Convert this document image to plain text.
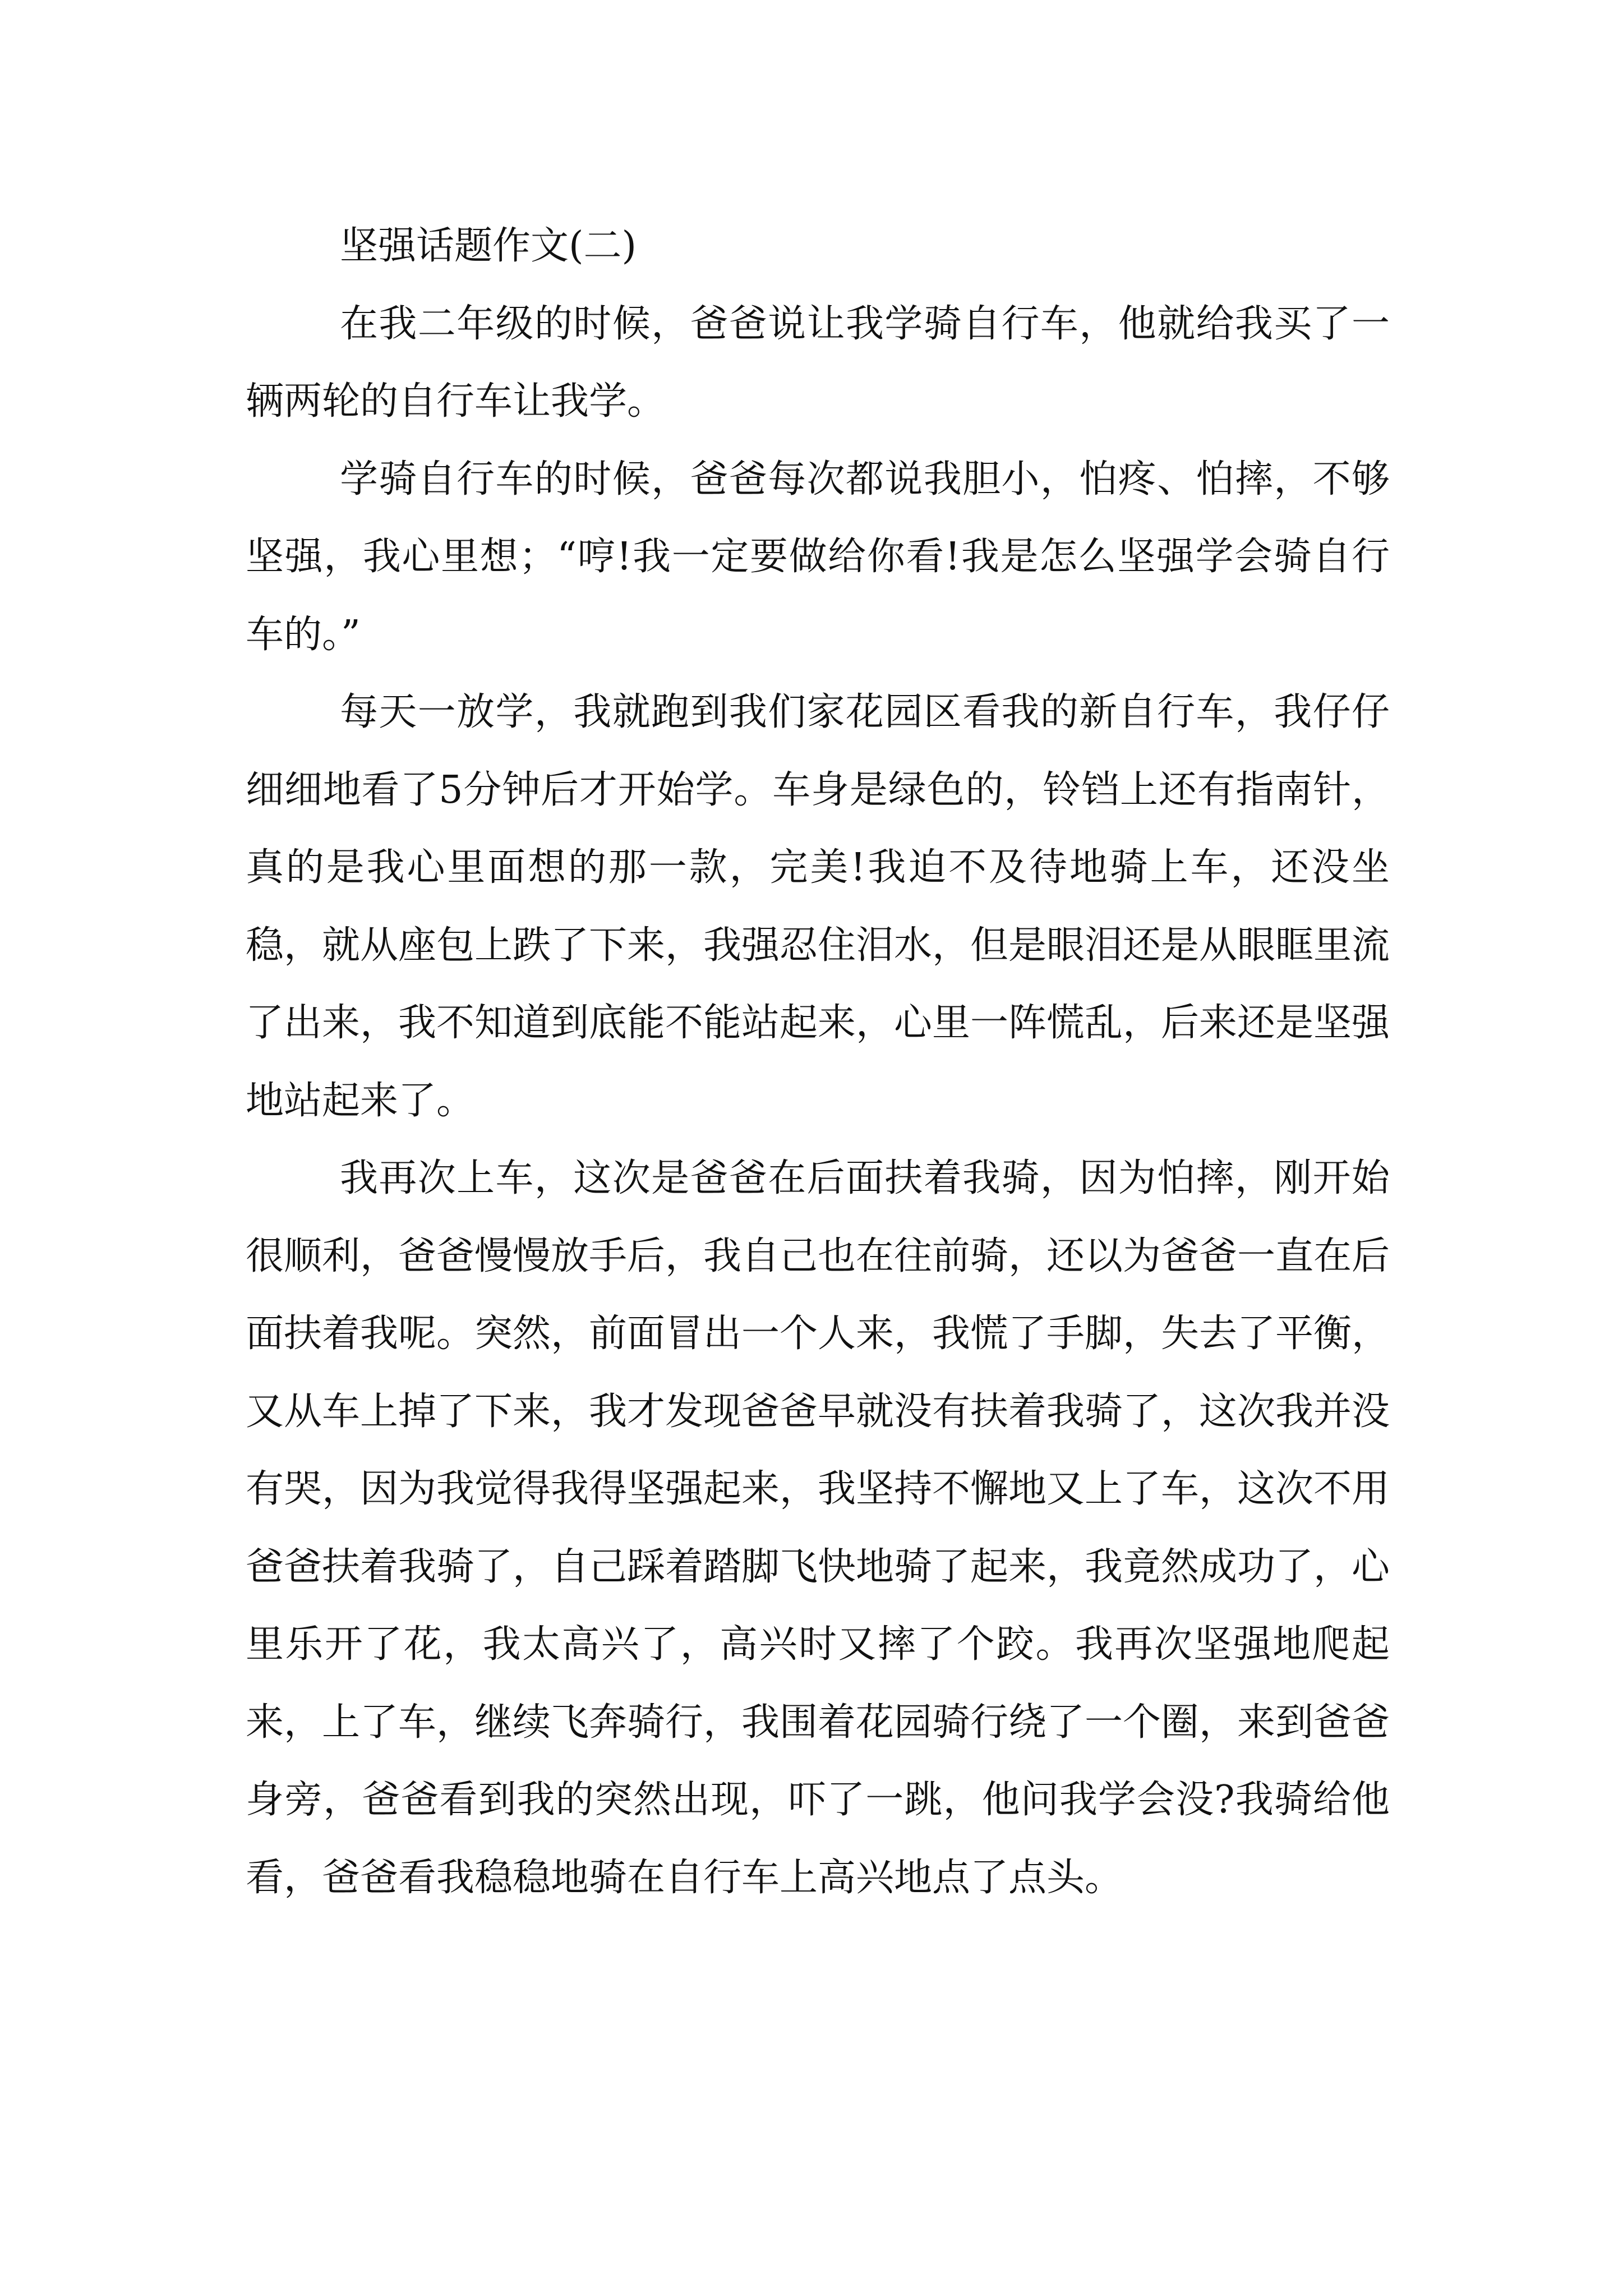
坚强话题作文(二)

在我二年级的时候，爸爸说让我学骑自行车，他就给我买了一辆两轮的自行车让我学。

学骑自行车的时候，爸爸每次都说我胆小，怕疼、怕摔，不够坚强，我心里想；“哼!我一定要做给你看!我是怎么坚强学会骑自行车的。”

每天一放学，我就跑到我们家花园区看我的新自行车，我仔仔细细地看了5分钟后才开始学。车身是绿色的，铃铛上还有指南针，真的是我心里面想的那一款，完美!我迫不及待地骑上车，还没坐稳，就从座包上跌了下来，我强忍住泪水，但是眼泪还是从眼眶里流了出来，我不知道到底能不能站起来，心里一阵慌乱，后来还是坚强地站起来了。

我再次上车，这次是爸爸在后面扶着我骑，因为怕摔，刚开始很顺利，爸爸慢慢放手后，我自己也在往前骑，还以为爸爸一直在后面扶着我呢。突然，前面冒出一个人来，我慌了手脚，失去了平衡，又从车上掉了下来，我才发现爸爸早就没有扶着我骑了，这次我并没有哭，因为我觉得我得坚强起来，我坚持不懈地又上了车，这次不用爸爸扶着我骑了，自己踩着踏脚飞快地骑了起来，我竟然成功了，心里乐开了花，我太高兴了，高兴时又摔了个跤。我再次坚强地爬起来，上了车，继续飞奔骑行，我围着花园骑行绕了一个圈，来到爸爸身旁，爸爸看到我的突然出现，吓了一跳，他问我学会没?我骑给他看，爸爸看我稳稳地骑在自行车上高兴地点了点头。
